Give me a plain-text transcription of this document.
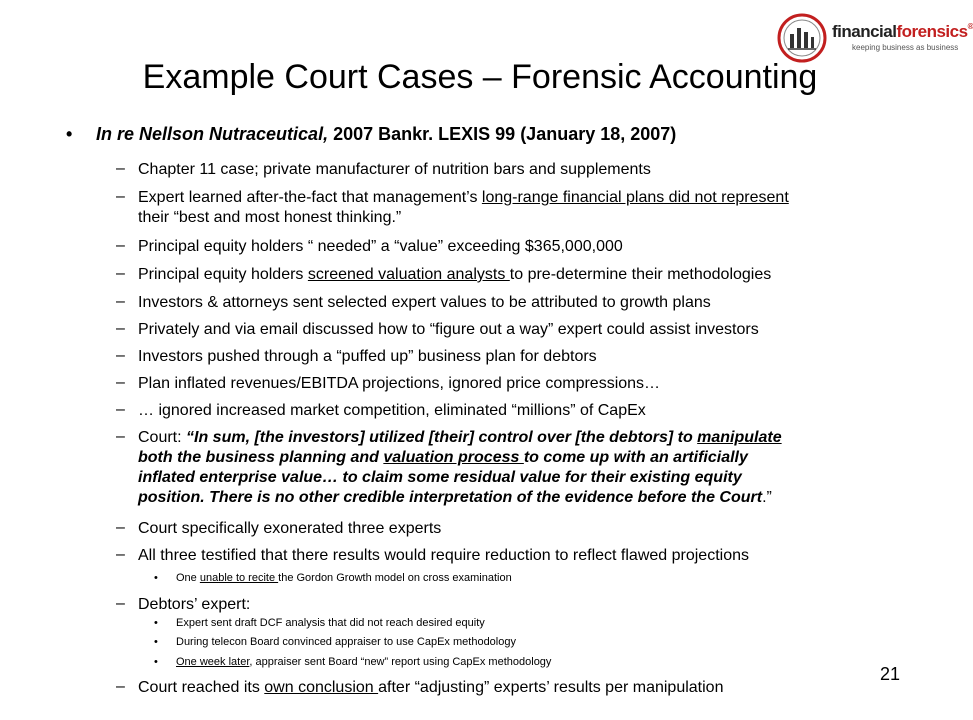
financialforensics®
keeping business as business
Example Court Cases – Forensic Accounting
• In re Nellson Nutraceutical, 2007 Bankr. LEXIS 99 (January 18, 2007)
– Chapter 11 case; private manufacturer of nutrition bars and supplements
– Expert learned after-the-fact that management’s long-range financial plans did not represent
their “best and most honest thinking.”
– Principal equity holders “ needed” a “value” exceeding $365,000,000
– Principal equity holders screened valuation analysts to pre-determine their methodologies
– Investors & attorneys sent selected expert values to be attributed to growth plans
– Privately and via email discussed how to “figure out a way” expert could assist investors
– Investors pushed through a “puffed up” business plan for debtors
– Plan inflated revenues/EBITDA projections, ignored price compressions…
– … ignored increased market competition, eliminated “millions” of CapEx
– Court: “In sum, [the investors] utilized [their] control over [the debtors] to manipulate
both the business planning and valuation process to come up with an artificially
inflated enterprise value… to claim some residual value for their existing equity
position. There is no other credible interpretation of the evidence before the Court.”
– Court specifically exonerated three experts
– All three testified that there results would require reduction to reflect flawed projections
• One unable to recite the Gordon Growth model on cross examination
– Debtors’ expert:
• Expert sent draft DCF analysis that did not reach desired equity
• During telecon Board convinced appraiser to use CapEx methodology
• One week later, appraiser sent Board “new” report using CapEx methodology
– Court reached its own conclusion after “adjusting” experts’ results per manipulation
21
